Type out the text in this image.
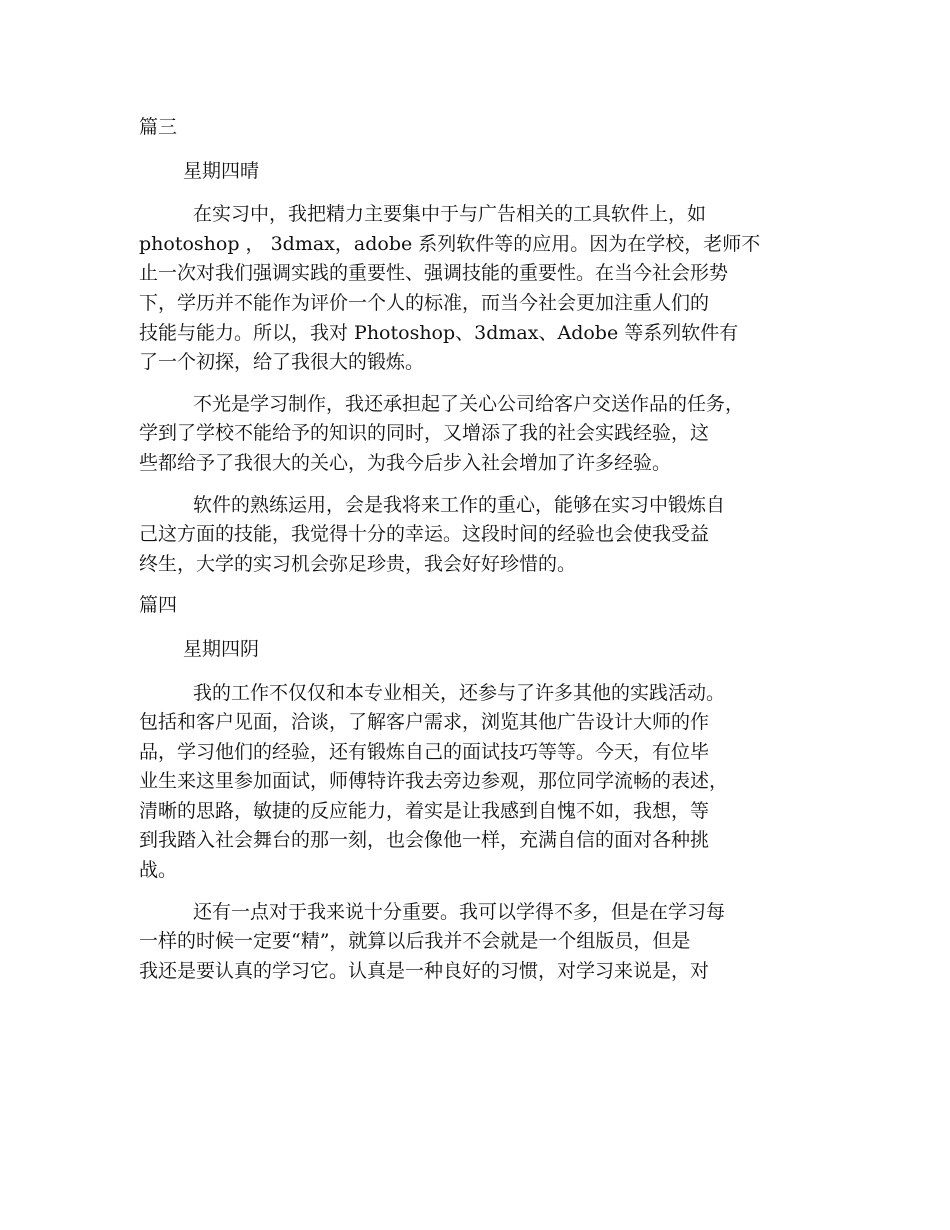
篇三
星期四晴
在实习中，我把精力主要集中于与广告相关的工具软件上，如
photoshop ， 3dmax，adobe 系列软件等的应用。因为在学校，老师不
止一次对我们强调实践的重要性、强调技能的重要性。在当今社会形势
下，学历并不能作为评价一个人的标准，而当今社会更加注重人们的
技能与能力。所以，我对 Photoshop、3dmax、Adobe 等系列软件有
了一个初探，给了我很大的锻炼。
不光是学习制作，我还承担起了关心公司给客户交送作品的任务，
学到了学校不能给予的知识的同时，又增添了我的社会实践经验，这
些都给予了我很大的关心，为我今后步入社会增加了许多经验。
软件的熟练运用，会是我将来工作的重心，能够在实习中锻炼自
己这方面的技能，我觉得十分的幸运。这段时间的经验也会使我受益
终生，大学的实习机会弥足珍贵，我会好好珍惜的。
篇四
星期四阴
我的工作不仅仅和本专业相关，还参与了许多其他的实践活动。
包括和客户见面，洽谈，了解客户需求，浏览其他广告设计大师的作
品，学习他们的经验，还有锻炼自己的面试技巧等等。今天，有位毕
业生来这里参加面试，师傅特许我去旁边参观，那位同学流畅的表述，
清晰的思路，敏捷的反应能力，着实是让我感到自愧不如，我想，等
到我踏入社会舞台的那一刻，也会像他一样，充满自信的面对各种挑
战。
还有一点对于我来说十分重要。我可以学得不多，但是在学习每
一样的时候一定要“精”，就算以后我并不会就是一个组版员，但是
我还是要认真的学习它。认真是一种良好的习惯，对学习来说是，对
